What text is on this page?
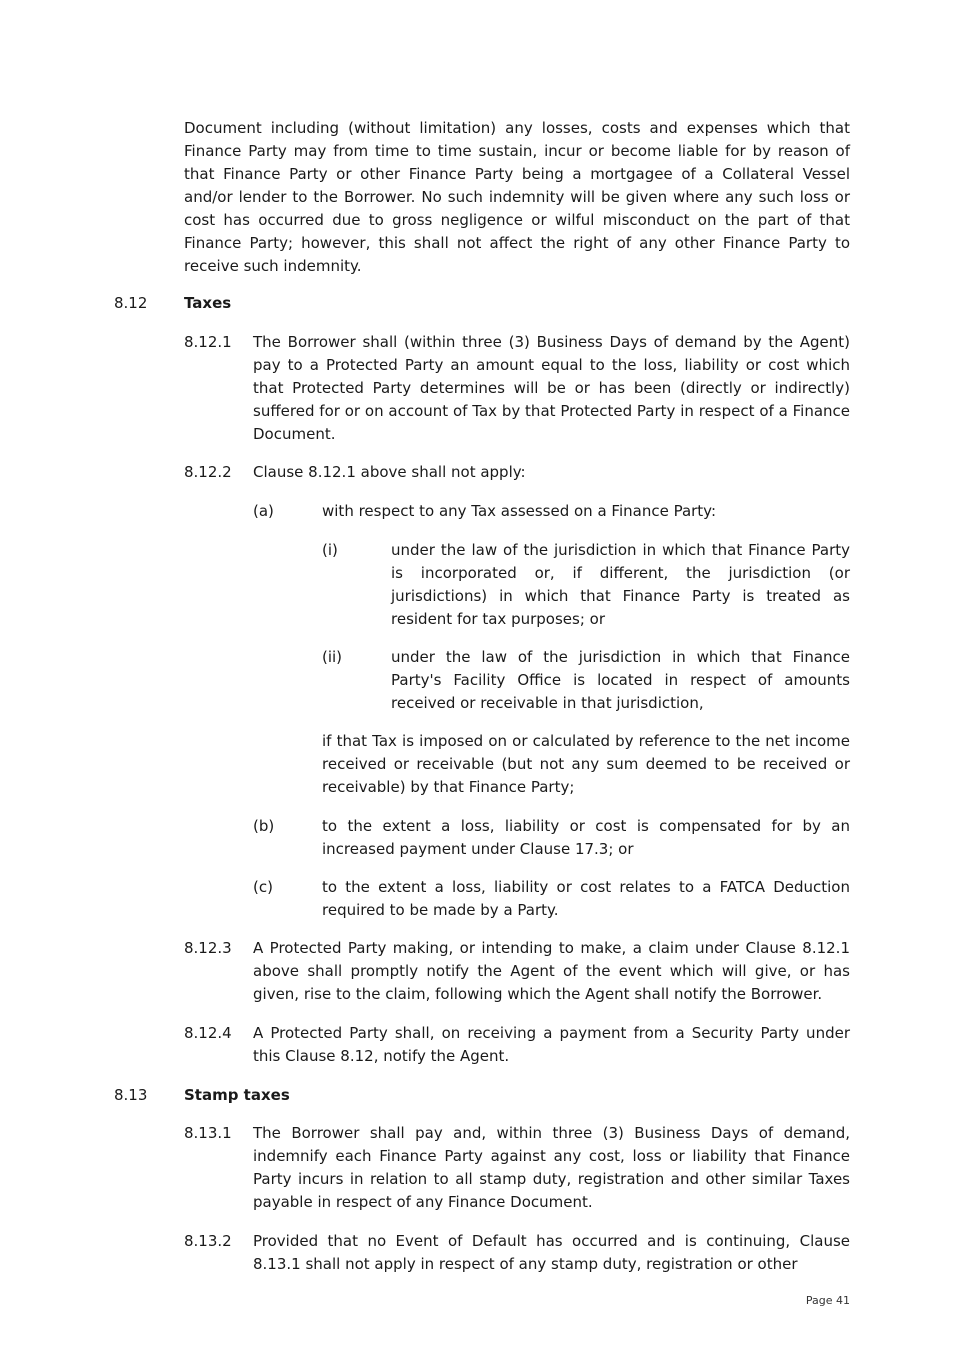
Document including (without limitation) any losses, costs and expenses which that Finance Party may from time to time sustain, incur or become liable for by reason of that Finance Party or other Finance Party being a mortgagee of a Collateral Vessel and/or lender to the Borrower. No such indemnity will be given where any such loss or cost has occurred due to gross negligence or wilful misconduct on the part of that Finance Party; however, this shall not affect the right of any other Finance Party to receive such indemnity.

8.12 Taxes
8.12.1 The Borrower shall (within three (3) Business Days of demand by the Agent) pay to a Protected Party an amount equal to the loss, liability or cost which that Protected Party determines will be or has been (directly or indirectly) suffered for or on account of Tax by that Protected Party in respect of a Finance Document.

8.12.2 Clause 8.12.1 above shall not apply:

(a)	with respect to any Tax assessed on a Finance Party:

(i)	under the law of the jurisdiction in which that Finance Party is incorporated or, if different, the jurisdiction (or jurisdictions) in which that Finance Party is treated as resident for tax purposes; or

(ii)	under the law of the jurisdiction in which that Finance Party's Facility Office is located in respect of amounts received or receivable in that jurisdiction,

if that Tax is imposed on or calculated by reference to the net income received or receivable (but not any sum deemed to be received or receivable) by that Finance Party;

(b)	to the extent a loss, liability or cost is compensated for by an increased payment under Clause 17.3; or

(c)	to the extent a loss, liability or cost relates to a FATCA Deduction required to be made by a Party.

8.12.3 A Protected Party making, or intending to make, a claim under Clause 8.12.1 above shall promptly notify the Agent of the event which will give, or has given, rise to the claim, following which the Agent shall notify the Borrower.

8.12.4 A Protected Party shall, on receiving a payment from a Security Party under this Clause 8.12, notify the Agent.

8.13 Stamp taxes
8.13.1 The Borrower shall pay and, within three (3) Business Days of demand, indemnify each Finance Party against any cost, loss or liability that Finance Party incurs in relation to all stamp duty, registration and other similar Taxes payable in respect of any Finance Document.

8.13.2 Provided that no Event of Default has occurred and is continuing, Clause 8.13.1 shall not apply in respect of any stamp duty, registration or other

Page 41
